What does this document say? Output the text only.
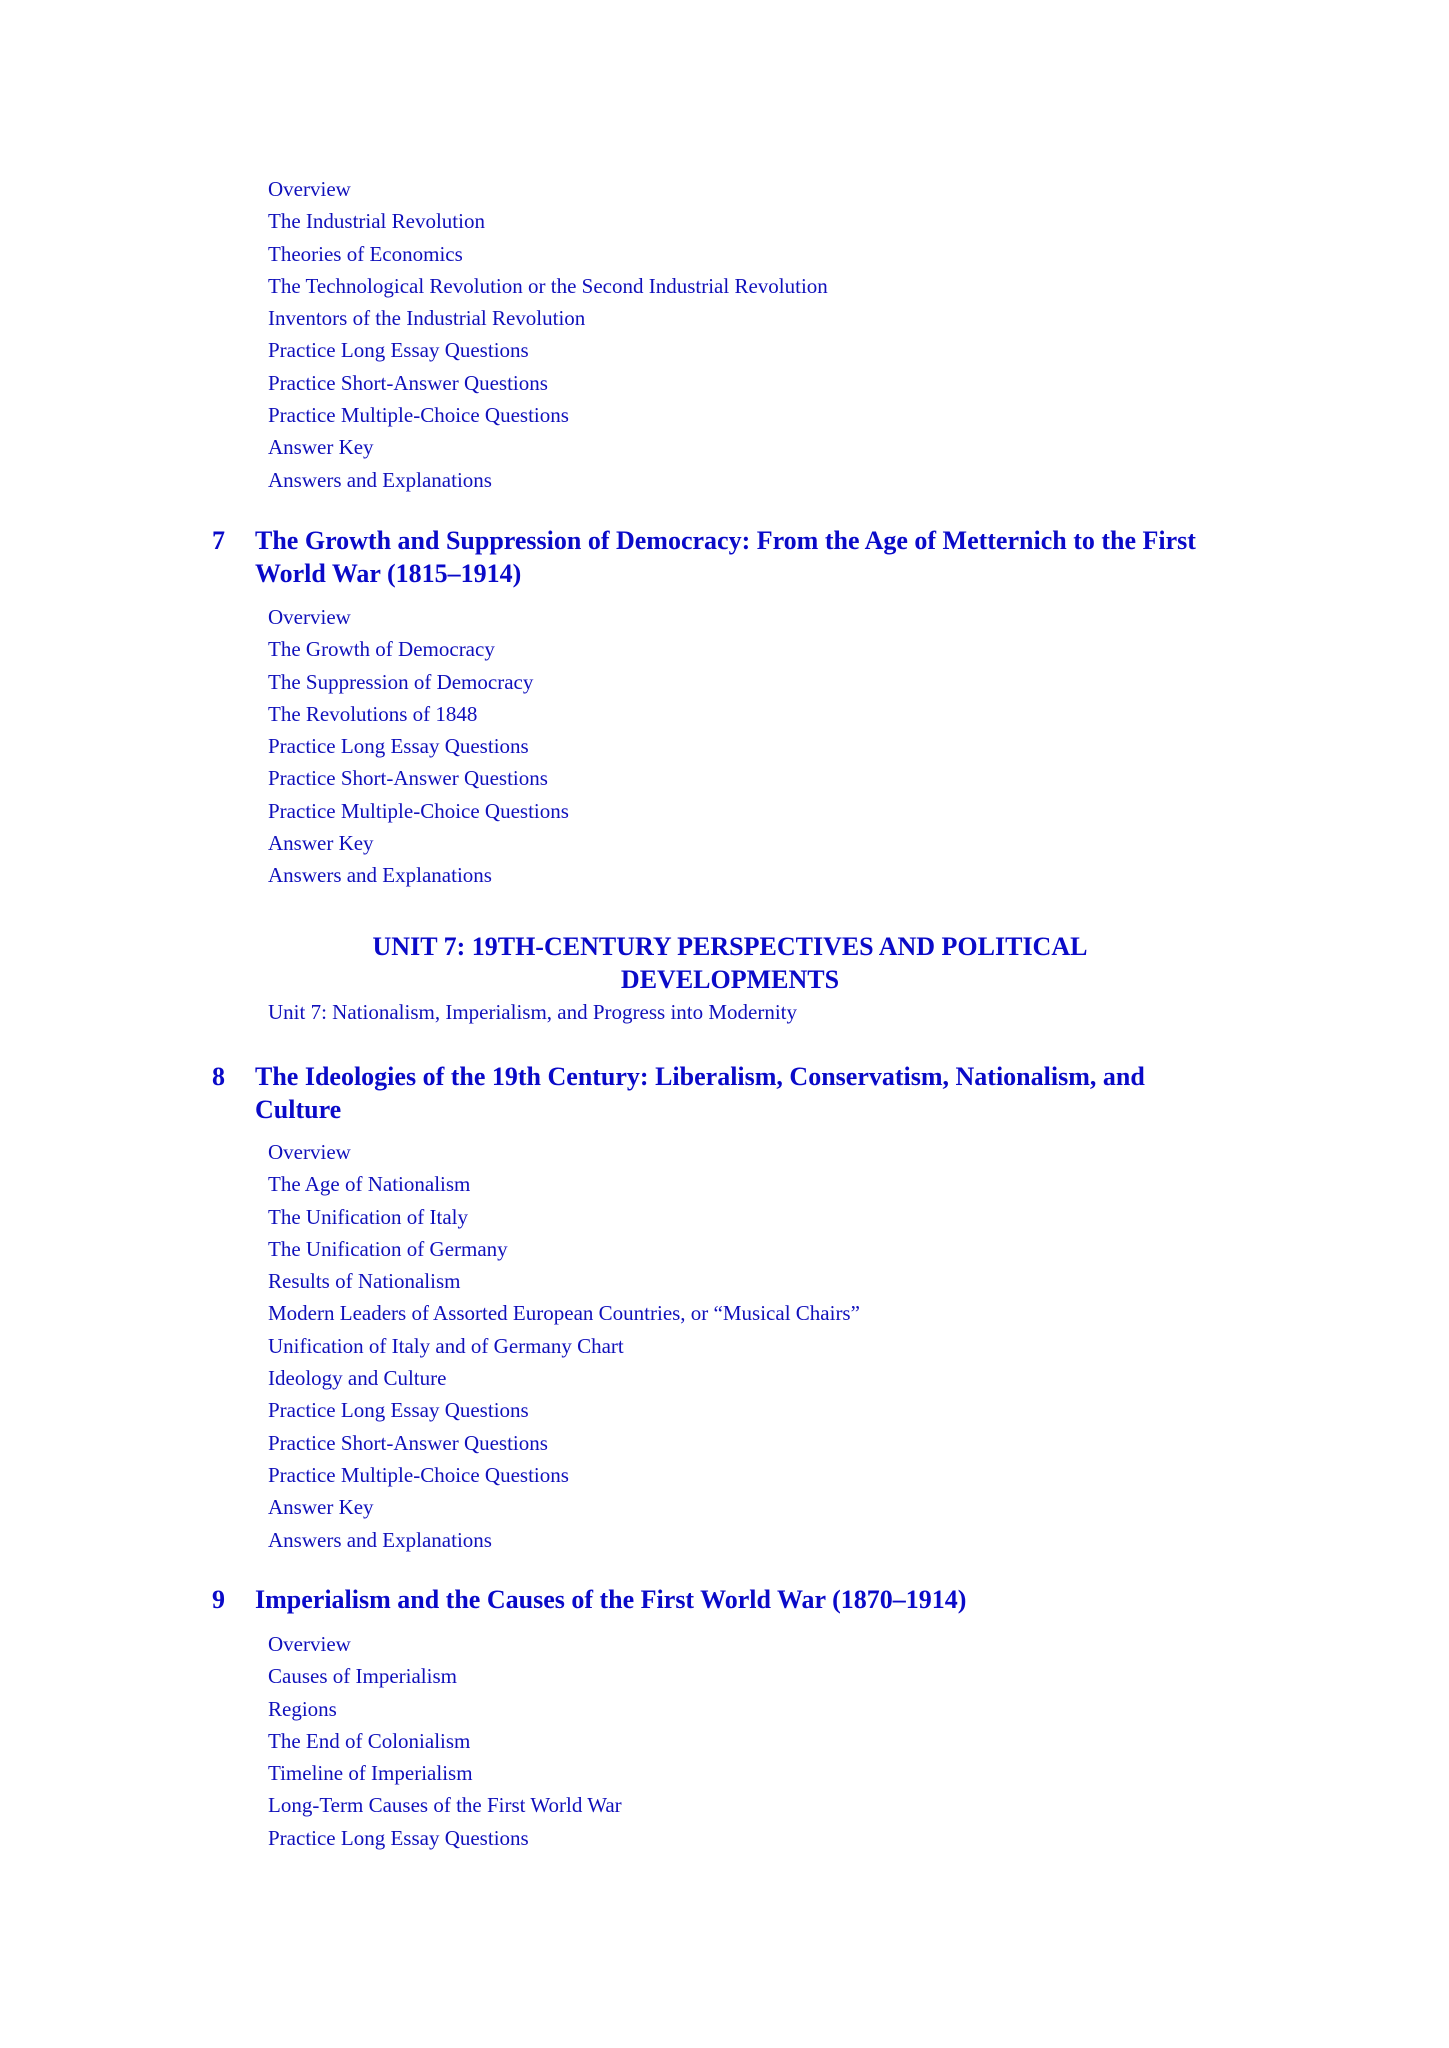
Overview
The Industrial Revolution
Theories of Economics
The Technological Revolution or the Second Industrial Revolution
Inventors of the Industrial Revolution
Practice Long Essay Questions
Practice Short-Answer Questions
Practice Multiple-Choice Questions
Answer Key
Answers and Explanations
7 The Growth and Suppression of Democracy: From the Age of Metternich to the First World War (1815–1914)
Overview
The Growth of Democracy
The Suppression of Democracy
The Revolutions of 1848
Practice Long Essay Questions
Practice Short-Answer Questions
Practice Multiple-Choice Questions
Answer Key
Answers and Explanations
UNIT 7: 19TH-CENTURY PERSPECTIVES AND POLITICAL DEVELOPMENTS
Unit 7: Nationalism, Imperialism, and Progress into Modernity
8 The Ideologies of the 19th Century: Liberalism, Conservatism, Nationalism, and Culture
Overview
The Age of Nationalism
The Unification of Italy
The Unification of Germany
Results of Nationalism
Modern Leaders of Assorted European Countries, or “Musical Chairs”
Unification of Italy and of Germany Chart
Ideology and Culture
Practice Long Essay Questions
Practice Short-Answer Questions
Practice Multiple-Choice Questions
Answer Key
Answers and Explanations
9 Imperialism and the Causes of the First World War (1870–1914)
Overview
Causes of Imperialism
Regions
The End of Colonialism
Timeline of Imperialism
Long-Term Causes of the First World War
Practice Long Essay Questions
